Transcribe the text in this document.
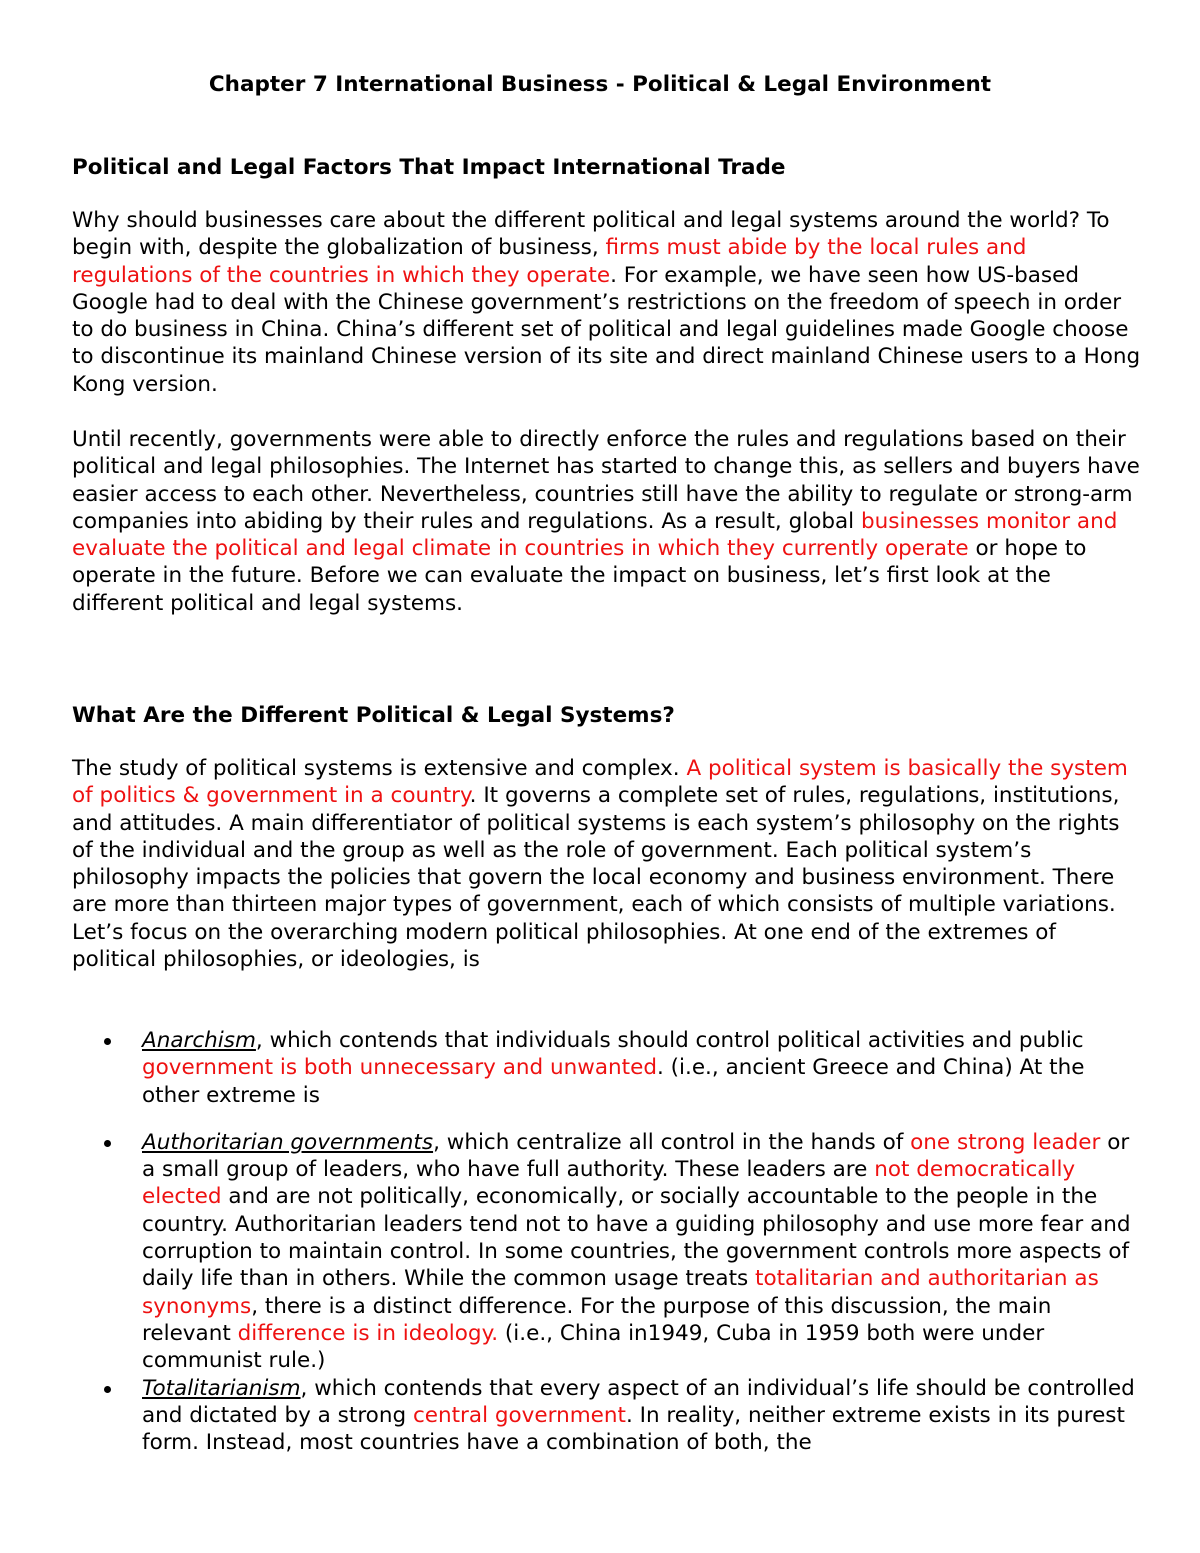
Chapter 7 International Business - Political & Legal Environment
Political and Legal Factors That Impact International Trade
Why should businesses care about the different political and legal systems around the world? To begin with, despite the globalization of business, firms must abide by the local rules and regulations of the countries in which they operate. For example, we have seen how US-based Google had to deal with the Chinese government’s restrictions on the freedom of speech in order to do business in China. China’s different set of political and legal guidelines made Google choose to discontinue its mainland Chinese version of its site and direct mainland Chinese users to a Hong Kong version.
Until recently, governments were able to directly enforce the rules and regulations based on their political and legal philosophies. The Internet has started to change this, as sellers and buyers have easier access to each other. Nevertheless, countries still have the ability to regulate or strong-arm companies into abiding by their rules and regulations. As a result, global businesses monitor and evaluate the political and legal climate in countries in which they currently operate or hope to operate in the future. Before we can evaluate the impact on business, let’s first look at the different political and legal systems.
What Are the Different Political & Legal Systems?
The study of political systems is extensive and complex. A political system is basically the system of politics & government in a country. It governs a complete set of rules, regulations, institutions, and attitudes. A main differentiator of political systems is each system’s philosophy on the rights of the individual and the group as well as the role of government. Each political system’s philosophy impacts the policies that govern the local economy and business environment. There are more than thirteen major types of government, each of which consists of multiple variations. Let’s focus on the overarching modern political philosophies. At one end of the extremes of political philosophies, or ideologies, is
Anarchism, which contends that individuals should control political activities and public government is both unnecessary and unwanted. (i.e., ancient Greece and China) At the other extreme is
Authoritarian governments, which centralize all control in the hands of one strong leader or a small group of leaders, who have full authority. These leaders are not democratically elected and are not politically, economically, or socially accountable to the people in the country. Authoritarian leaders tend not to have a guiding philosophy and use more fear and corruption to maintain control. In some countries, the government controls more aspects of daily life than in others. While the common usage treats totalitarian and authoritarian as synonyms, there is a distinct difference. For the purpose of this discussion, the main relevant difference is in ideology. (i.e., China in1949, Cuba in 1959 both were under communist rule.)
Totalitarianism, which contends that every aspect of an individual’s life should be controlled and dictated by a strong central government. In reality, neither extreme exists in its purest form. Instead, most countries have a combination of both, the
